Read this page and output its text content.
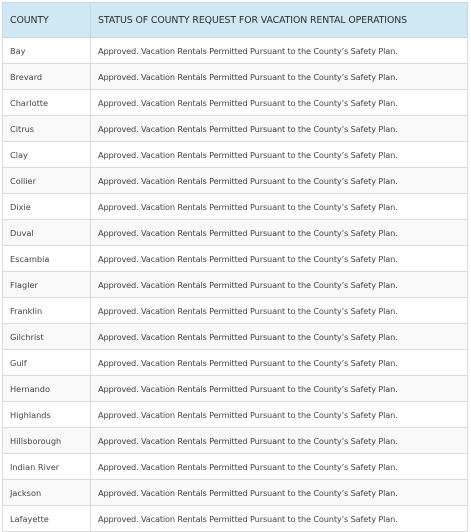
COUNTY	STATUS OF COUNTY REQUEST FOR VACATION RENTAL OPERATIONS
Bay	Approved. Vacation Rentals Permitted Pursuant to the County’s Safety Plan.
Brevard	Approved. Vacation Rentals Permitted Pursuant to the County’s Safety Plan.
Charlotte	Approved. Vacation Rentals Permitted Pursuant to the County’s Safety Plan.
Citrus	Approved. Vacation Rentals Permitted Pursuant to the County’s Safety Plan.
Clay	Approved. Vacation Rentals Permitted Pursuant to the County’s Safety Plan.
Collier	Approved. Vacation Rentals Permitted Pursuant to the County’s Safety Plan.
Dixie	Approved. Vacation Rentals Permitted Pursuant to the County’s Safety Plan.
Duval	Approved. Vacation Rentals Permitted Pursuant to the County’s Safety Plan.
Escambia	Approved. Vacation Rentals Permitted Pursuant to the County’s Safety Plan.
Flagler	Approved. Vacation Rentals Permitted Pursuant to the County’s Safety Plan.
Franklin	Approved. Vacation Rentals Permitted Pursuant to the County’s Safety Plan.
Gilchrist	Approved. Vacation Rentals Permitted Pursuant to the County’s Safety Plan.
Gulf	Approved. Vacation Rentals Permitted Pursuant to the County’s Safety Plan.
Hernando	Approved. Vacation Rentals Permitted Pursuant to the County’s Safety Plan.
Highlands	Approved. Vacation Rentals Permitted Pursuant to the County’s Safety Plan.
Hillsborough	Approved. Vacation Rentals Permitted Pursuant to the County’s Safety Plan.
Indian River	Approved. Vacation Rentals Permitted Pursuant to the County’s Safety Plan.
Jackson	Approved. Vacation Rentals Permitted Pursuant to the County’s Safety Plan.
Lafayette	Approved. Vacation Rentals Permitted Pursuant to the County’s Safety Plan.
